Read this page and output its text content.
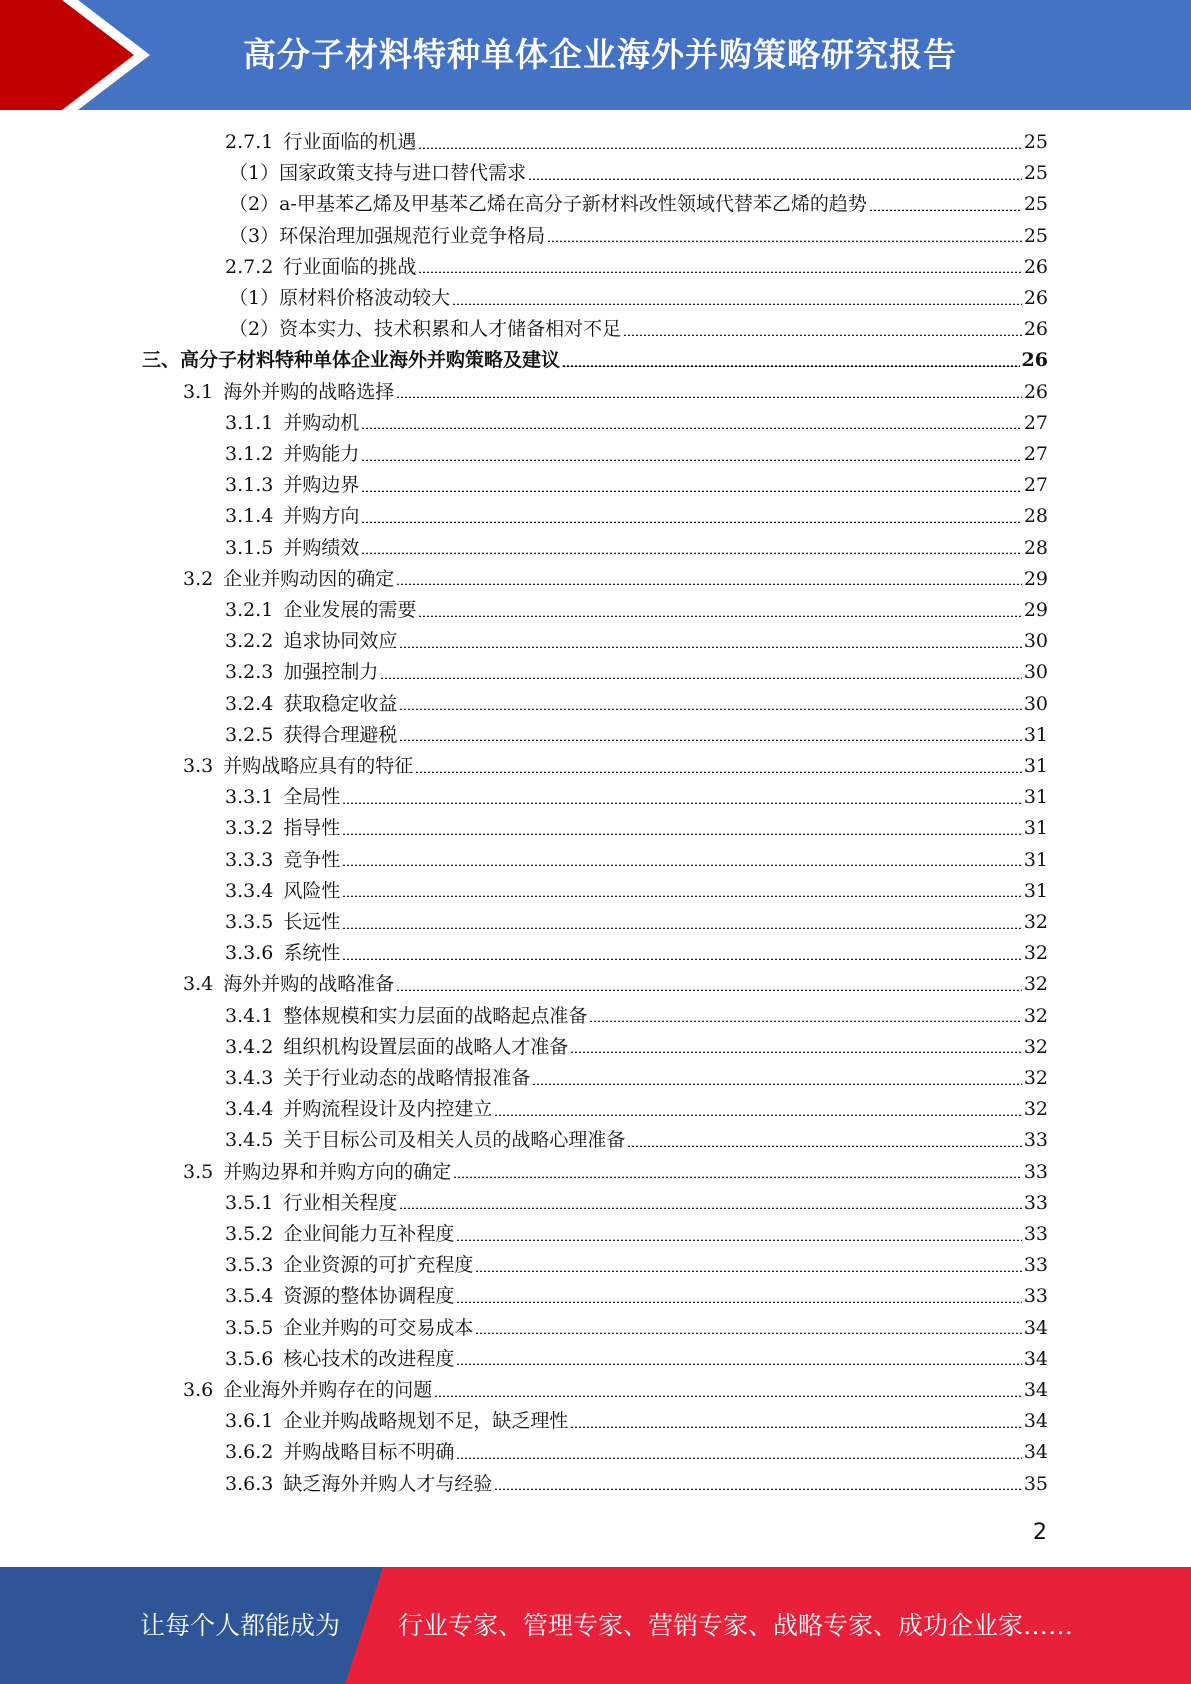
高分子材料特种单体企业海外并购策略研究报告
2.7.1 行业面临的机遇	25
（1） 国家政策支持与进口替代需求	25
（2） a-甲基苯乙烯及甲基苯乙烯在高分子新材料改性领域代替苯乙烯的趋势	25
（3） 环保治理加强规范行业竞争格局	25
2.7.2 行业面临的挑战	26
（1） 原材料价格波动较大	26
（2） 资本实力、技术积累和人才储备相对不足	26
三、高分子材料特种单体企业海外并购策略及建议	26
3.1 海外并购的战略选择	26
3.1.1 并购动机	27
3.1.2 并购能力	27
3.1.3 并购边界	27
3.1.4 并购方向	28
3.1.5 并购绩效	28
3.2 企业并购动因的确定	29
3.2.1 企业发展的需要	29
3.2.2 追求协同效应	30
3.2.3 加强控制力	30
3.2.4 获取稳定收益	30
3.2.5 获得合理避税	31
3.3 并购战略应具有的特征	31
3.3.1 全局性	31
3.3.2 指导性	31
3.3.3 竞争性	31
3.3.4 风险性	31
3.3.5 长远性	32
3.3.6 系统性	32
3.4 海外并购的战略准备	32
3.4.1 整体规模和实力层面的战略起点准备	32
3.4.2 组织机构设置层面的战略人才准备	32
3.4.3 关于行业动态的战略情报准备	32
3.4.4 并购流程设计及内控建立	32
3.4.5 关于目标公司及相关人员的战略心理准备	33
3.5 并购边界和并购方向的确定	33
3.5.1 行业相关程度	33
3.5.2 企业间能力互补程度	33
3.5.3 企业资源的可扩充程度	33
3.5.4 资源的整体协调程度	33
3.5.5 企业并购的可交易成本	34
3.5.6 核心技术的改进程度	34
3.6 企业海外并购存在的问题	34
3.6.1 企业并购战略规划不足，缺乏理性	34
3.6.2 并购战略目标不明确	34
3.6.3 缺乏海外并购人才与经验	35
2
让每个人都能成为 行业专家、管理专家、营销专家、战略专家、成功企业家……
